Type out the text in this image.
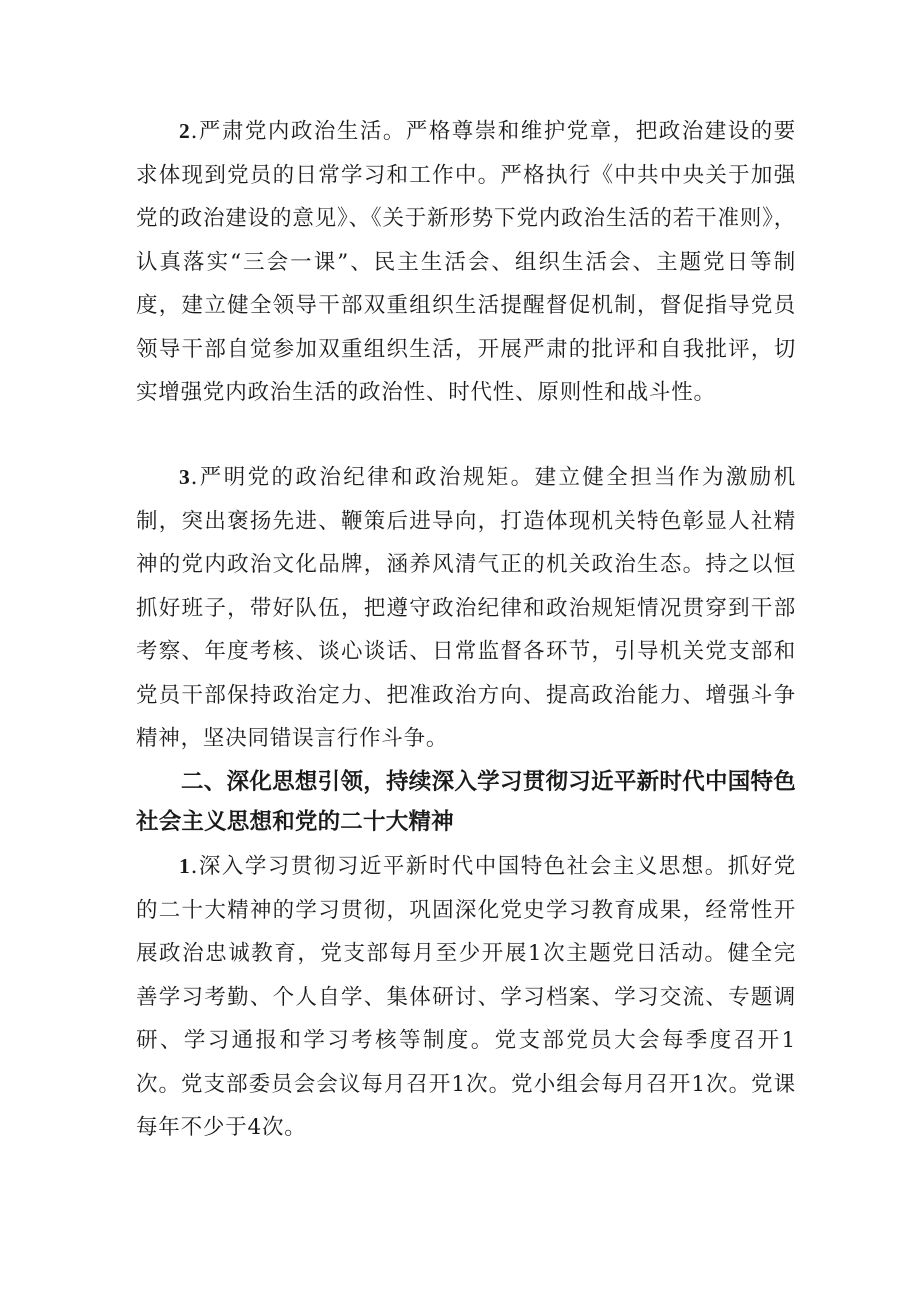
2.严肃党内政治生活。严格尊崇和维护党章，把政治建设的要求体现到党员的日常学习和工作中。严格执行《中共中央关于加强党的政治建设的意见》、《关于新形势下党内政治生活的若干准则》，认真落实“三会一课”、民主生活会、组织生活会、主题党日等制度，建立健全领导干部双重组织生活提醒督促机制，督促指导党员领导干部自觉参加双重组织生活，开展严肃的批评和自我批评，切实增强党内政治生活的政治性、时代性、原则性和战斗性。

3.严明党的政治纪律和政治规矩。建立健全担当作为激励机制，突出褒扬先进、鞭策后进导向，打造体现机关特色彰显人社精神的党内政治文化品牌，涵养风清气正的机关政治生态。持之以恒抓好班子，带好队伍，把遵守政治纪律和政治规矩情况贯穿到干部考察、年度考核、谈心谈话、日常监督各环节，引导机关党支部和党员干部保持政治定力、把准政治方向、提高政治能力、增强斗争精神，坚决同错误言行作斗争。

二、深化思想引领，持续深入学习贯彻习近平新时代中国特色社会主义思想和党的二十大精神

1.深入学习贯彻习近平新时代中国特色社会主义思想。抓好党的二十大精神的学习贯彻，巩固深化党史学习教育成果，经常性开展政治忠诚教育，党支部每月至少开展1次主题党日活动。健全完善学习考勤、个人自学、集体研讨、学习档案、学习交流、专题调研、学习通报和学习考核等制度。党支部党员大会每季度召开1次。党支部委员会会议每月召开1次。党小组会每月召开1次。党课每年不少于4次。
